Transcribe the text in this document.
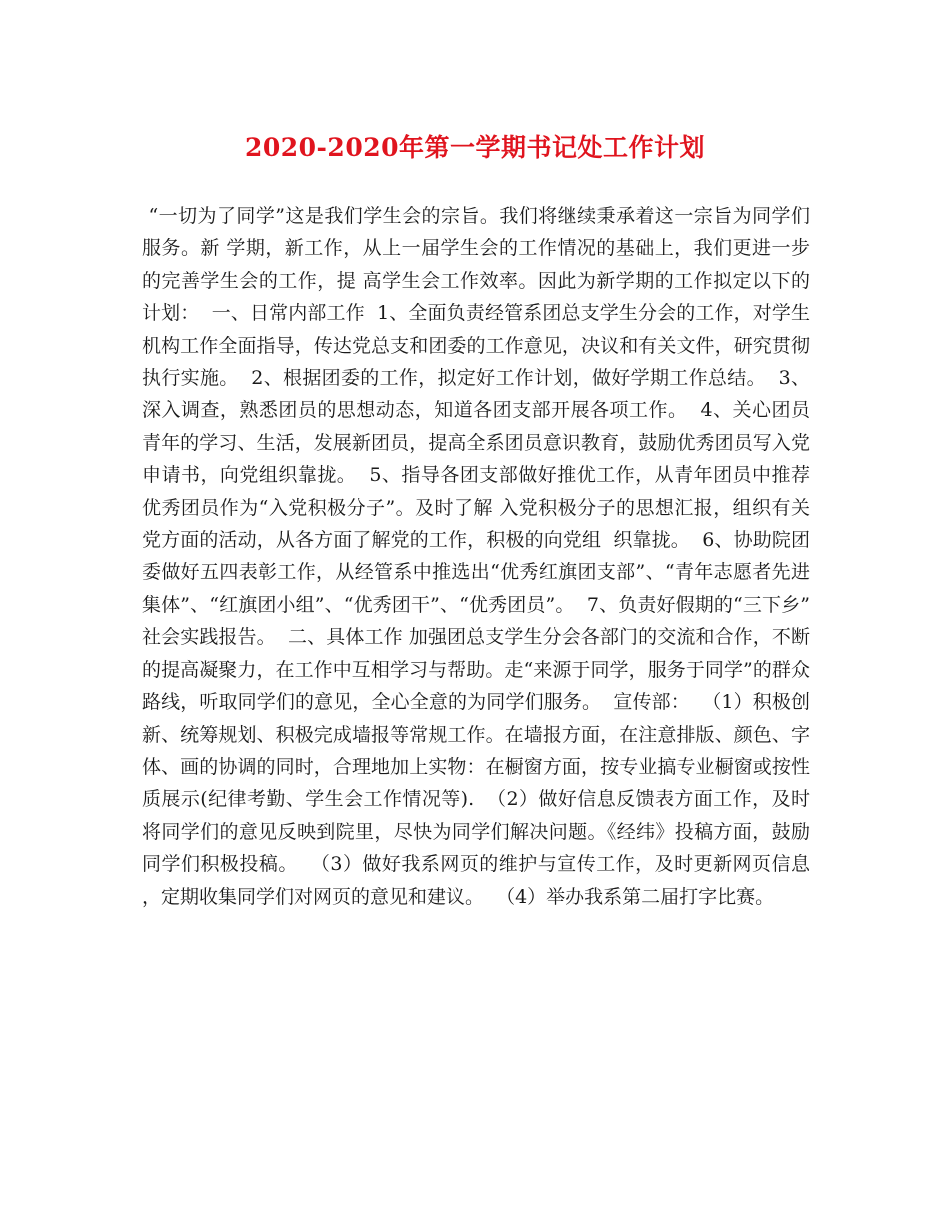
2020-2020年第一学期书记处工作计划

“一切为了同学”这是我们学生会的宗旨。我们将继续秉承着这一宗旨为同学们服务。新 学期，新工作，从上一届学生会的工作情况的基础上，我们更进一步的完善学生会的工作，提 高学生会工作效率。因此为新学期的工作拟定以下的计划：  一、日常内部工作  1、全面负责经管系团总支学生分会的工作，对学生机构工作全面指导，传达党总支和团委的工作意见，决议和有关文件，研究贯彻执行实施。  2、根据团委的工作，拟定好工作计划，做好学期工作总结。  3、深入调查，熟悉团员的思想动态，知道各团支部开展各项工作。  4、关心团员青年的学习、生活，发展新团员，提高全系团员意识教育，鼓励优秀团员写入党申请书，向党组织靠拢。  5、指导各团支部做好推优工作，从青年团员中推荐优秀团员作为“入党积极分子”。及时了解 入党积极分子的思想汇报，组织有关党方面的活动，从各方面了解党的工作，积极的向党组  织靠拢。  6、协助院团委做好五四表彰工作，从经管系中推选出“优秀红旗团支部”、“青年志愿者先进集体”、“红旗团小组”、“优秀团干”、“优秀团员”。  7、负责好假期的“三下乡”社会实践报告。  二、具体工作 加强团总支学生分会各部门的交流和合作，不断的提高凝聚力，在工作中互相学习与帮助。走“来源于同学，服务于同学”的群众路线，听取同学们的意见，全心全意的为同学们服务。  宣传部：  （1）积极创新、统筹规划、积极完成墙报等常规工作。在墙报方面，在注意排版、颜色、字体、画的协调的同时，合理地加上实物：在橱窗方面，按专业搞专业橱窗或按性质展示(纪律考勤、学生会工作情况等).  （2）做好信息反馈表方面工作，及时将同学们的意见反映到院里，尽快为同学们解决问题。《经纬》投稿方面，鼓励同学们积极投稿。  （3）做好我系网页的维护与宣传工作，及时更新网页信息，定期收集同学们对网页的意见和建议。  （4）举办我系第二届打字比赛。
